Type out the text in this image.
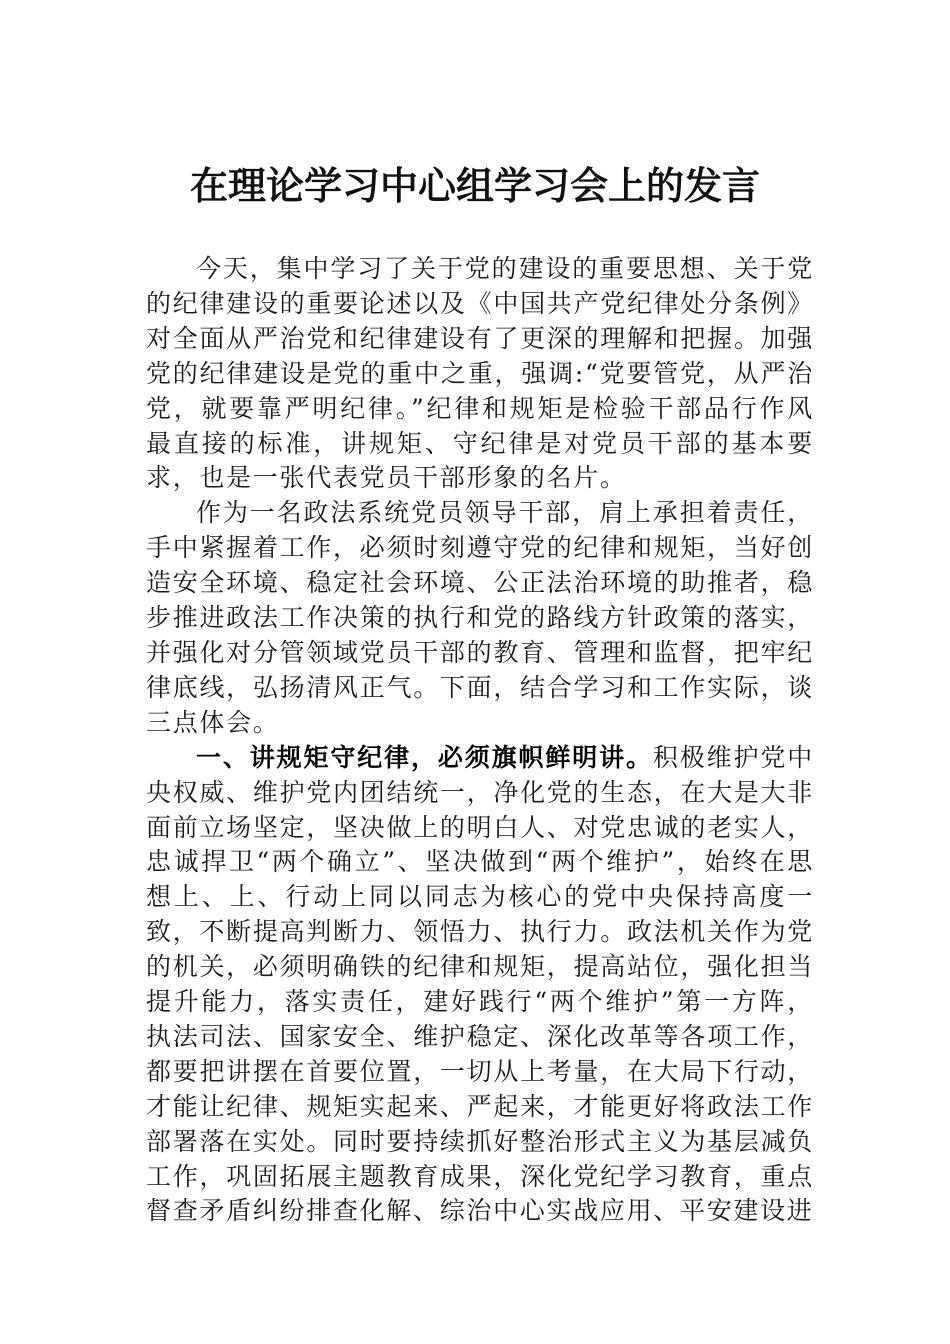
在理论学习中心组学习会上的发言

今天，集中学习了关于党的建设的重要思想、关于党的纪律建设的重要论述以及《中国共产党纪律处分条例》对全面从严治党和纪律建设有了更深的理解和把握。加强党的纪律建设是党的重中之重，强调:“党要管党，从严治党，就要靠严明纪律。”纪律和规矩是检验干部品行作风最直接的标准，讲规矩、守纪律是对党员干部的基本要求，也是一张代表党员干部形象的名片。

作为一名政法系统党员领导干部，肩上承担着责任，手中紧握着工作，必须时刻遵守党的纪律和规矩，当好创造安全环境、稳定社会环境、公正法治环境的助推者，稳步推进政法工作决策的执行和党的路线方针政策的落实，并强化对分管领域党员干部的教育、管理和监督，把牢纪律底线，弘扬清风正气。下面，结合学习和工作实际，谈三点体会。

一、讲规矩守纪律，必须旗帜鲜明讲。积极维护党中央权威、维护党内团结统一，净化党的生态，在大是大非面前立场坚定，坚决做上的明白人、对党忠诚的老实人，忠诚捍卫“两个确立”、坚决做到“两个维护”，始终在思想上、上、行动上同以同志为核心的党中央保持高度一致，不断提高判断力、领悟力、执行力。政法机关作为党的机关，必须明确铁的纪律和规矩，提高站位，强化担当提升能力，落实责任，建好践行“两个维护”第一方阵，执法司法、国家安全、维护稳定、深化改革等各项工作，都要把讲摆在首要位置，一切从上考量，在大局下行动，才能让纪律、规矩实起来、严起来，才能更好将政法工作部署落在实处。同时要持续抓好整治形式主义为基层减负工作，巩固拓展主题教育成果，深化党纪学习教育，重点督查矛盾纠纷排查化解、综治中心实战应用、平安建设进
